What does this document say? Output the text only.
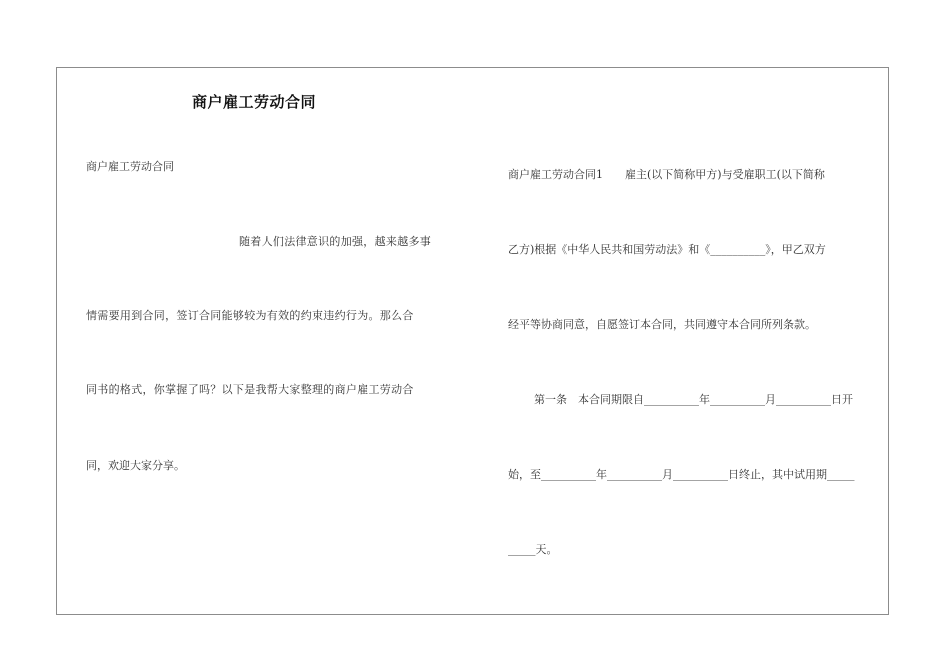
商户雇工劳动合同
商户雇工劳动合同
随着人们法律意识的加强，越来越多事
情需要用到合同，签订合同能够较为有效的约束违约行为。那么合
同书的格式，你掌握了吗？以下是我帮大家整理的商户雇工劳动合
同，欢迎大家分享。
商户雇工劳动合同1　　雇主(以下简称甲方)与受雇职工(以下简称
乙方)根据《中华人民共和国劳动法》和《__________》，甲乙双方
经平等协商同意，自愿签订本合同，共同遵守本合同所列条款。
第一条　本合同期限自__________年__________月__________日开
始，至__________年__________月__________日终止，其中试用期_____
_____天。
